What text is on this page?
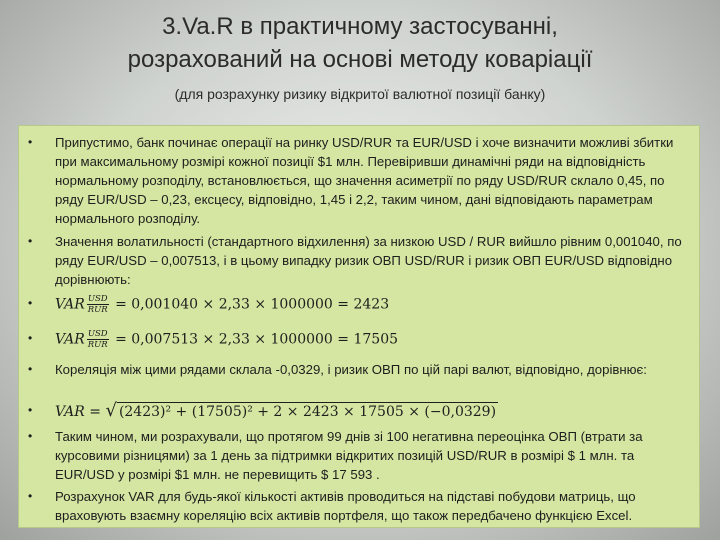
3.Va.R в практичному застосуванні,
розрахований на основі методу коваріації
(для розрахунку ризику відкритої валютної позиції банку)
• Припустимо, банк починає операції на ринку USD/RUR та EUR/USD і хоче визначити можливі збитки при максимальному розмірі кожної позиції $1 млн. Перевіривши динамічні ряди на відповідність нормальному розподілу, встановлюється, що значення асиметрії по ряду USD/RUR склало 0,45, по ряду EUR/USD – 0,23, ексцесу, відповідно, 1,45 і 2,2, таким чином, дані відповідають параметрам нормального розподілу.
• Значення волатильності (стандартного відхилення) за низкою USD / RUR вийшло рівним 0,001040, по ряду EUR/USD – 0,007513, і в цьому випадку ризик ОВП USD/RUR і ризик ОВП EUR/USD відповідно дорівнюють:
• VAR $\frac{\text{USD}}{\text{RUR}} = 0,001040 \times 2,33 \times 1000000 = 2423$
• VAR $\frac{\text{USD}}{\text{RUR}} = 0,007513 \times 2,33 \times 1000000 = 17505$
• Кореляція між цими рядами склала -0,0329, і ризик ОВП по цій парі валют, відповідно, дорівнює:
• VAR = √ (2423)² + (17505)² + 2 × 2423 × 17505 × (−0,0329)
• Таким чином, ми розрахували, що протягом 99 днів зі 100 негативна переоцінка ОВП (втрати за курсовими різницями) за 1 день за підтримки відкритих позицій USD/RUR в розмірі $ 1 млн. та EUR/USD у розмірі $1 млн. не перевищить $ 17 593 .
• Розрахунок VAR для будь-якої кількості активів проводиться на підставі побудови матриць, що враховують взаємну кореляцію всіх активів портфеля, що також передбачено функцією Excel.
